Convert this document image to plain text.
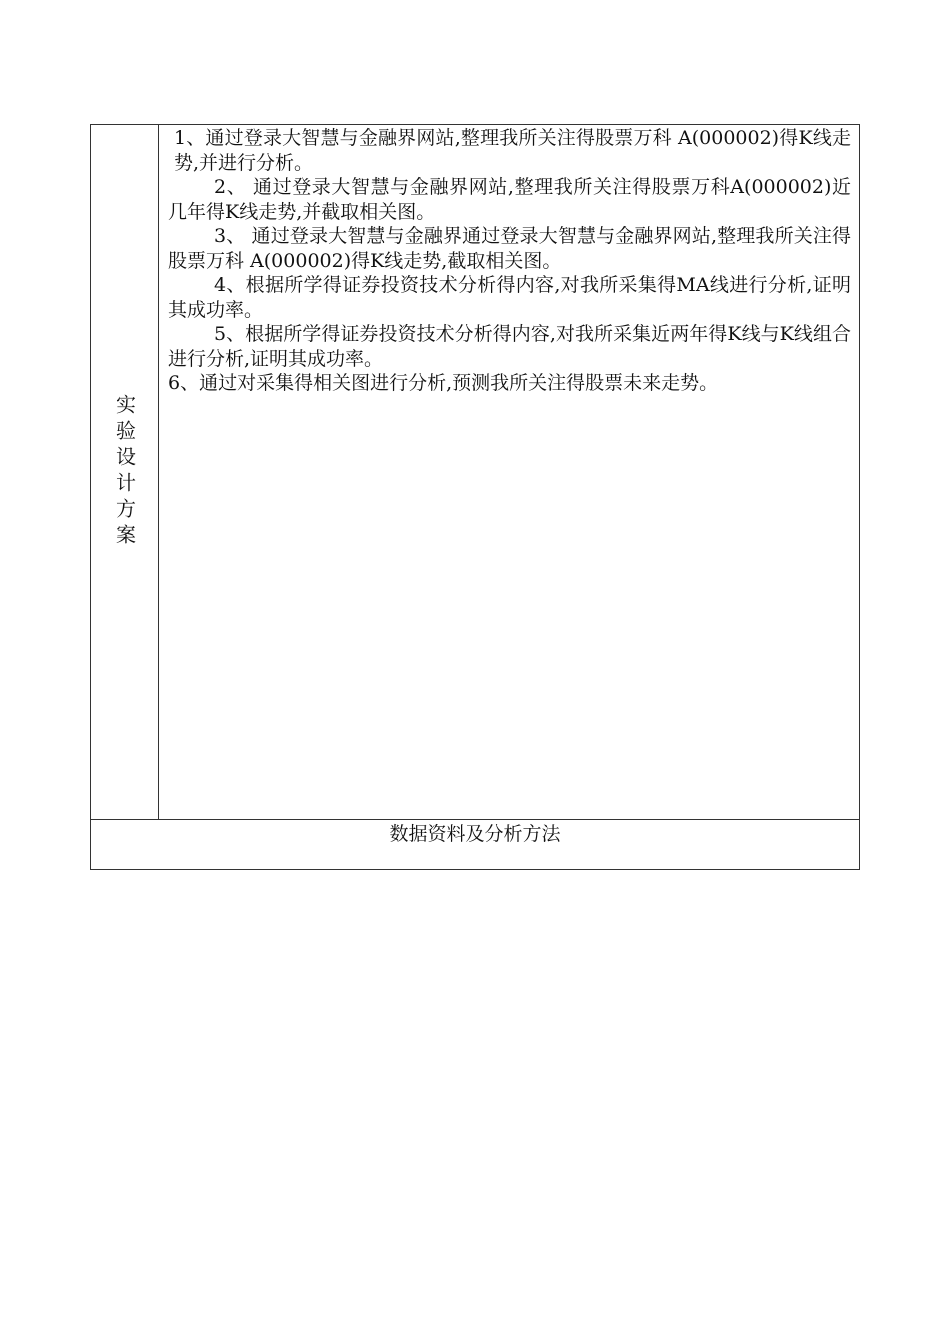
实验设计方案

1、通过登录大智慧与金融界网站,整理我所关注得股票万科 A(000002)得K线走势,并进行分析。

2、 通过登录大智慧与金融界网站,整理我所关注得股票万科A(000002)近几年得K线走势,并截取相关图。

3、 通过登录大智慧与金融界通过登录大智慧与金融界网站,整理我所关注得股票万科 A(000002)得K线走势,截取相关图。

4、根据所学得证券投资技术分析得内容,对我所采集得MA线进行分析,证明其成功率。

5、根据所学得证券投资技术分析得内容,对我所采集近两年得K线与K线组合进行分析,证明其成功率。

6、通过对采集得相关图进行分析,预测我所关注得股票未来走势。

数据资料及分析方法
